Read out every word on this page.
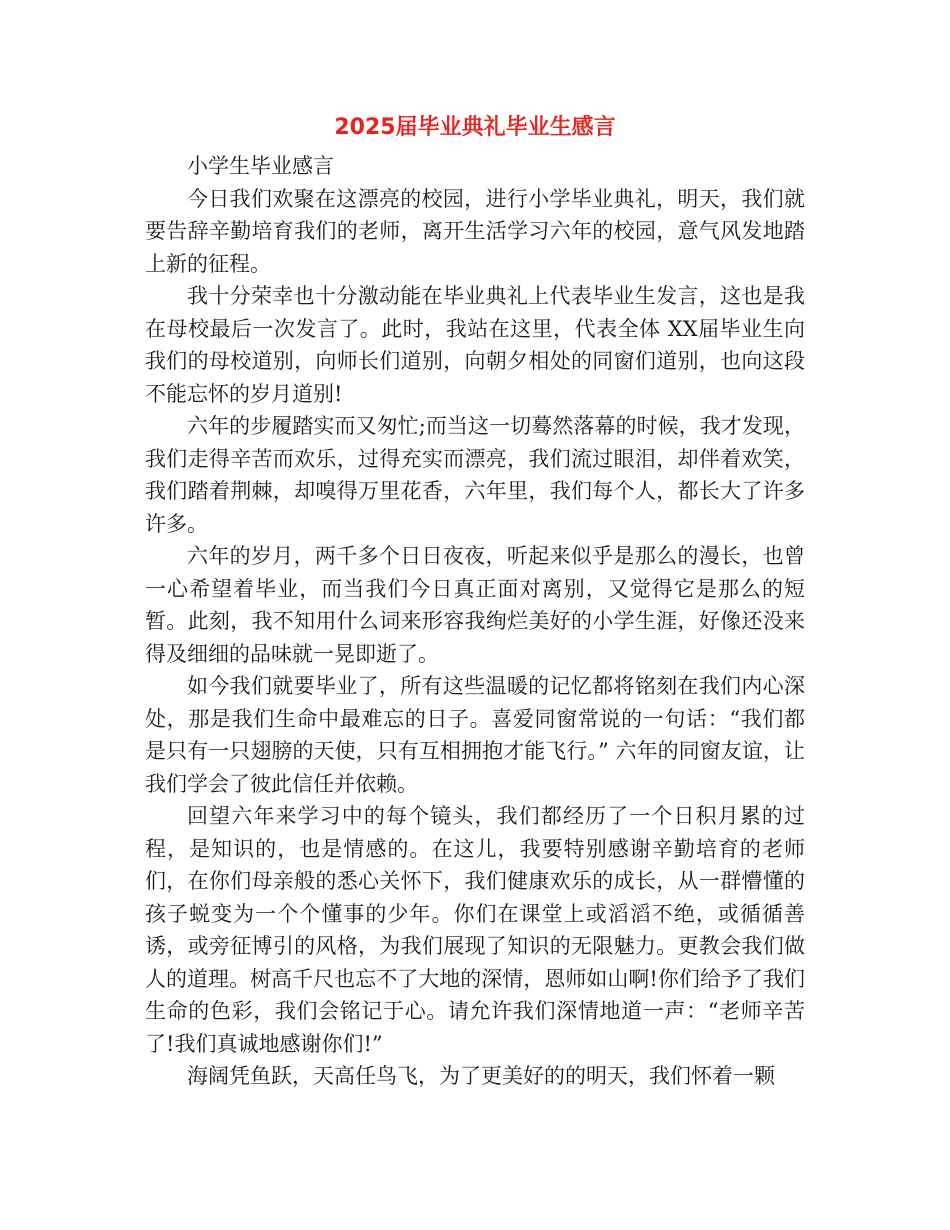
2025届毕业典礼毕业生感言

小学生毕业感言

今日我们欢聚在这漂亮的校园，进行小学毕业典礼，明天，我们就要告辞辛勤培育我们的老师，离开生活学习六年的校园，意气风发地踏上新的征程。

我十分荣幸也十分激动能在毕业典礼上代表毕业生发言，这也是我在母校最后一次发言了。此时，我站在这里，代表全体 XX届毕业生向我们的母校道别，向师长们道别，向朝夕相处的同窗们道别，也向这段不能忘怀的岁月道别!

六年的步履踏实而又匆忙;而当这一切蓦然落幕的时候，我才发现，我们走得辛苦而欢乐，过得充实而漂亮，我们流过眼泪，却伴着欢笑，我们踏着荆棘，却嗅得万里花香，六年里，我们每个人，都长大了许多许多。

六年的岁月，两千多个日日夜夜，听起来似乎是那么的漫长，也曾一心希望着毕业，而当我们今日真正面对离别，又觉得它是那么的短暂。此刻，我不知用什么词来形容我绚烂美好的小学生涯，好像还没来得及细细的品味就一晃即逝了。

如今我们就要毕业了，所有这些温暖的记忆都将铭刻在我们内心深处，那是我们生命中最难忘的日子。喜爱同窗常说的一句话：“我们都是只有一只翅膀的天使，只有互相拥抱才能飞行。” 六年的同窗友谊，让我们学会了彼此信任并依赖。

回望六年来学习中的每个镜头，我们都经历了一个日积月累的过程，是知识的，也是情感的。在这儿，我要特别感谢辛勤培育的老师们，在你们母亲般的悉心关怀下，我们健康欢乐的成长，从一群懵懂的孩子蜕变为一个个懂事的少年。你们在课堂上或滔滔不绝，或循循善诱，或旁征博引的风格，为我们展现了知识的无限魅力。更教会我们做人的道理。树高千尺也忘不了大地的深情，恩师如山啊!你们给予了我们生命的色彩，我们会铭记于心。请允许我们深情地道一声：“老师辛苦了!我们真诚地感谢你们!”

海阔凭鱼跃，天高任鸟飞，为了更美好的的明天，我们怀着一颗
